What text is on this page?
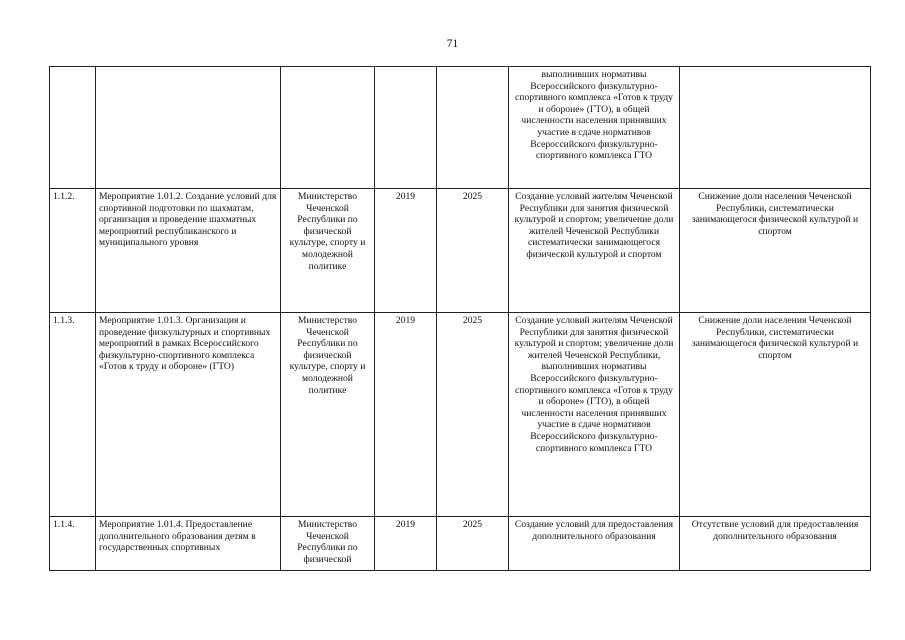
71
					выполнивших нормативы Всероссийского физкультурно-спортивного комплекса «Готов к труду и обороне» (ГТО), в общей численности населения принявших участие в сдаче нормативов Всероссийского физкультурно-спортивного комплекса ГТО	
1.1.2.	Мероприятие 1.01.2. Создание условий для спортивной подготовки по шахматам, организация и проведение шахматных мероприятий республиканского и муниципального уровня	Министерство Чеченской Республики по физической культуре, спорту и молодежной политике	2019	2025	Создание условий жителям Чеченской Республики для занятия физической культурой и спортом; увеличение доли жителей Чеченской Республики систематически занимающегося физической культурой и спортом	Снижение доли населения Чеченской Республики, систематически занимающегося физической культурой и спортом
1.1.3.	Мероприятие 1.01.3. Организация и проведение физкультурных и спортивных мероприятий в рамках Всероссийского физкультурно-спортивного комплекса «Готов к труду и обороне» (ГТО)	Министерство Чеченской Республики по физической культуре, спорту и молодежной политике	2019	2025	Создание условий жителям Чеченской Республики для занятия физической культурой и спортом; увеличение доли жителей Чеченской Республики, выполнивших нормативы Всероссийского физкультурно-спортивного комплекса «Готов к труду и обороне» (ГТО), в общей численности населения принявших участие в сдаче нормативов Всероссийского физкультурно-спортивного комплекса ГТО	Снижение доли населения Чеченской Республики, систематически занимающегося физической культурой и спортом
1.1.4.	Мероприятие 1.01.4. Предоставление дополнительного образования детям в государственных спортивных	Министерство Чеченской Республики по физической	2019	2025	Создание условий для предоставления дополнительного образования	Отсутствие условий для предоставления дополнительного образования
